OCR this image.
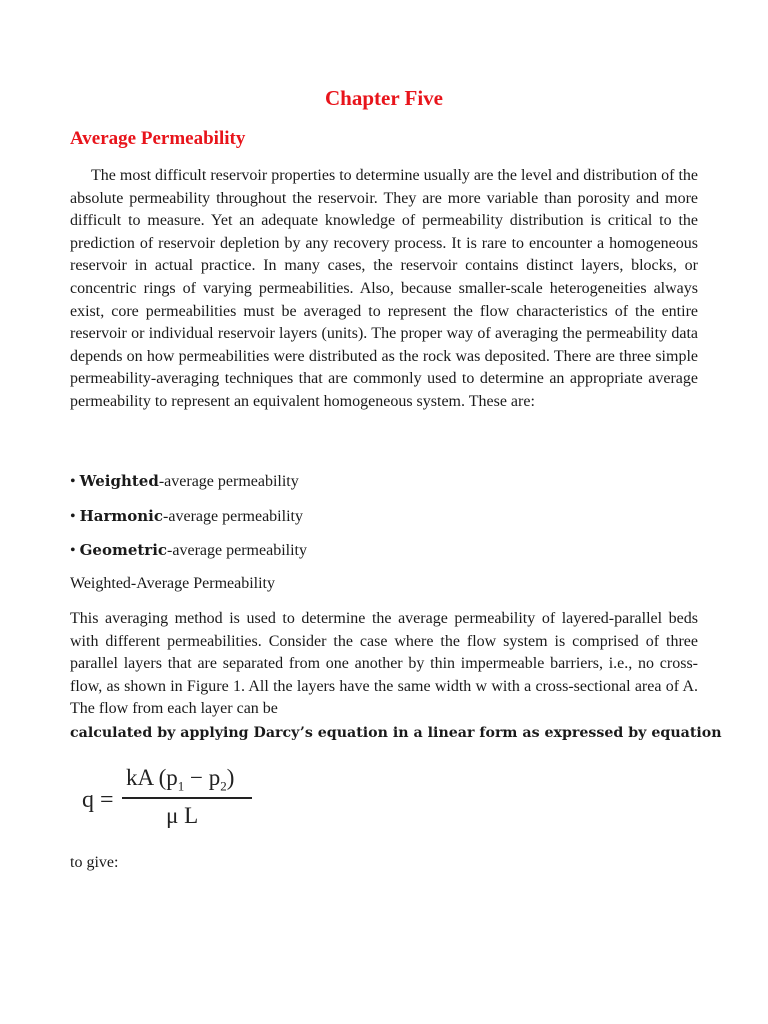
Chapter Five
Average Permeability

The most difficult reservoir properties to determine usually are the level and distribution of the absolute permeability throughout the reservoir. They are more variable than porosity and more difficult to measure. Yet an adequate knowledge of permeability distribution is critical to the prediction of reservoir depletion by any recovery process. It is rare to encounter a homogeneous reservoir in actual practice. In many cases, the reservoir contains distinct layers, blocks, or concentric rings of varying permeabilities. Also, because smaller-scale heterogeneities always exist, core permeabilities must be averaged to represent the flow characteristics of the entire reservoir or individual reservoir layers (units). The proper way of averaging the permeability data depends on how permeabilities were distributed as the rock was deposited. There are three simple permeability-averaging techniques that are commonly used to determine an appropriate average permeability to represent an equivalent homogeneous system. These are:

• Weighted-average permeability

• Harmonic-average permeability

• Geometric-average permeability

Weighted-Average Permeability

This averaging method is used to determine the average permeability of layered-parallel beds with different permeabilities. Consider the case where the flow system is comprised of three parallel layers that are separated from one another by thin impermeable barriers, i.e., no cross-flow, as shown in Figure 1. All the layers have the same width w with a cross-sectional area of A. The flow from each layer can be

calculated by applying Darcy’s equation in a linear form as expressed by equation

q =
kA $(p_1 - p_2)$
μ L

to give:
